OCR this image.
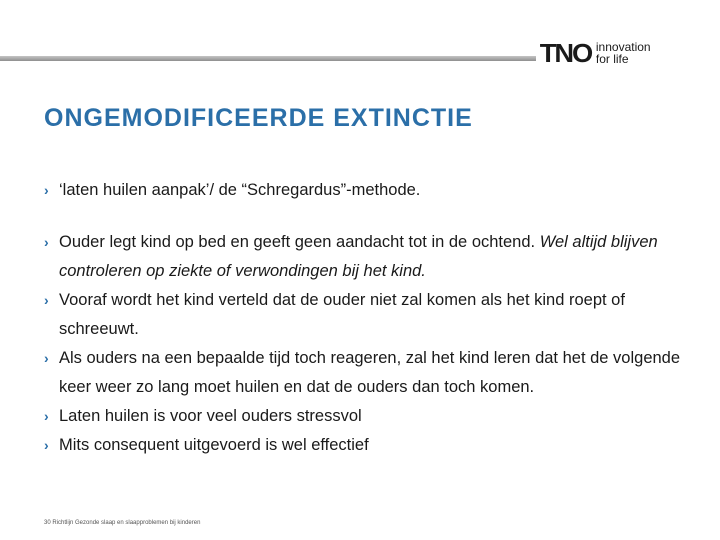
TNO innovation
for life
ONGEMODIFICEERDE EXTINCTIE
› ‘laten huilen aanpak’/ de “Schregardus”-methode.
› Ouder legt kind op bed en geeft geen aandacht tot in de ochtend. Wel altijd blijven controleren op ziekte of verwondingen bij het kind.
› Vooraf wordt het kind verteld dat de ouder niet zal komen als het kind roept of schreeuwt.
› Als ouders na een bepaalde tijd toch reageren, zal het kind leren dat het de volgende keer weer zo lang moet huilen en dat de ouders dan toch komen.
› Laten huilen is voor veel ouders stressvol
› Mits consequent uitgevoerd is wel effectief
30 Richtlijn Gezonde slaap en slaapproblemen bij kinderen
